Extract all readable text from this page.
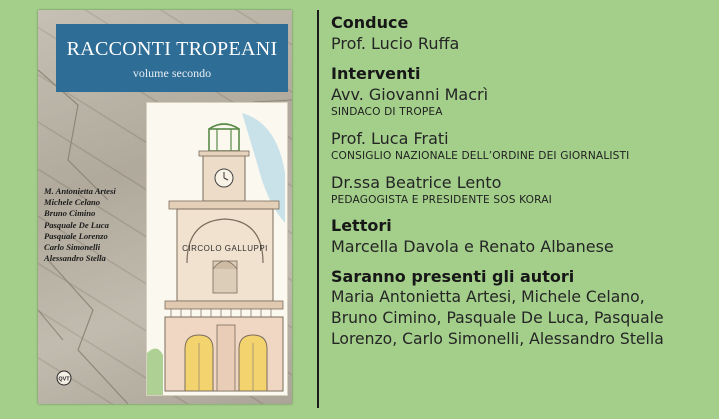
RACCONTI TROPEANI
volume secondo
M. Antonietta Artesi
Michele Celano
Bruno Cimino
Pasquale De Luca
Pasquale Lorenzo
Carlo Simonelli
Alessandro Stella
CIRCOLO GALLUPPI
QVT
Conduce
Prof. Lucio Ruffa
Interventi
Avv. Giovanni Macrì
SINDACO DI TROPEA
Prof. Luca Frati
CONSIGLIO NAZIONALE DELL’ORDINE DEI GIORNALISTI
Dr.ssa Beatrice Lento
PEDAGOGISTA E PRESIDENTE SOS KORAI
Lettori
Marcella Davola e Renato Albanese
Saranno presenti gli autori
Maria Antonietta Artesi, Michele Celano,
Bruno Cimino, Pasquale De Luca, Pasquale
Lorenzo, Carlo Simonelli, Alessandro Stella
